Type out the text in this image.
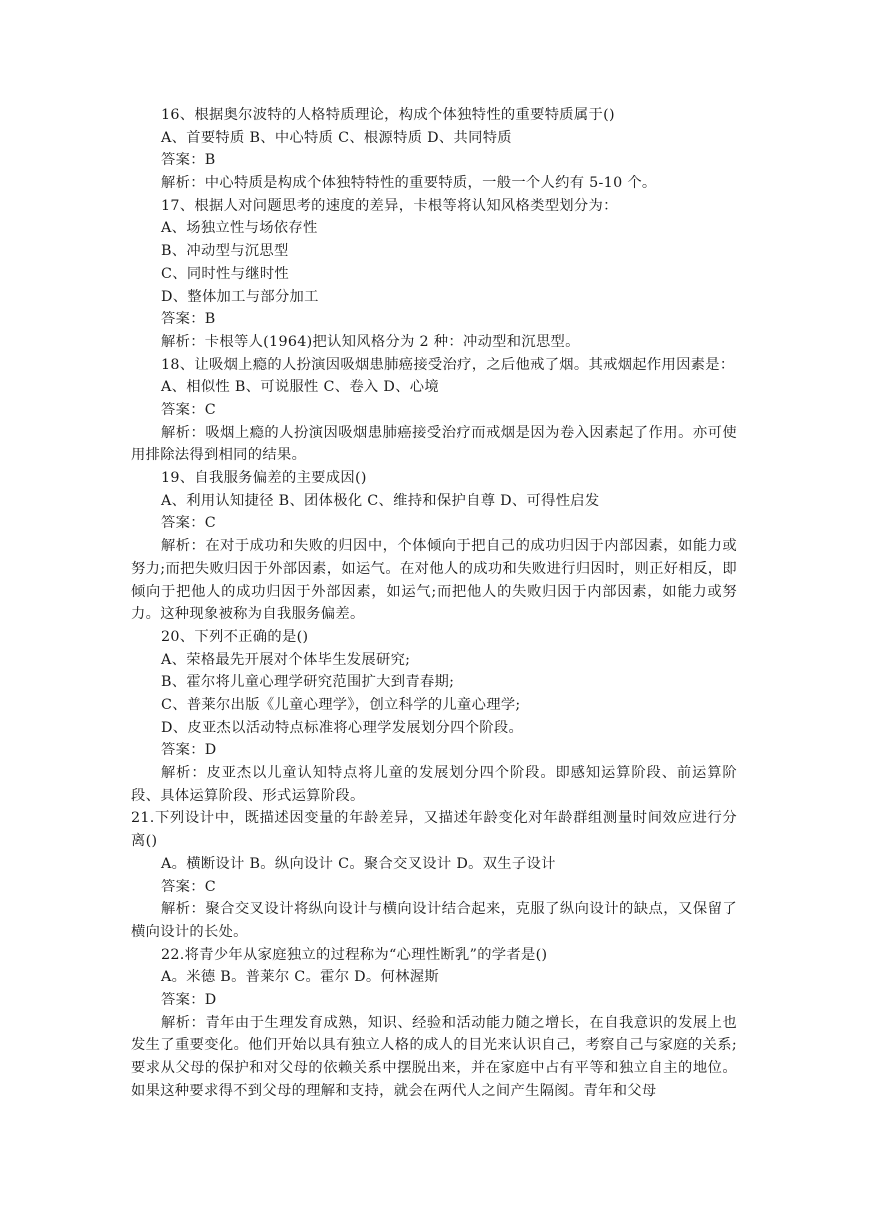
16、根据奥尔波特的人格特质理论，构成个体独特性的重要特质属于()
A、首要特质 B、中心特质 C、根源特质 D、共同特质
答案：B
解析：中心特质是构成个体独特特性的重要特质，一般一个人约有 5-10 个。
17、根据人对问题思考的速度的差异，卡根等将认知风格类型划分为：
A、场独立性与场依存性
B、冲动型与沉思型
C、同时性与继时性
D、整体加工与部分加工
答案：B
解析：卡根等人(1964)把认知风格分为 2 种：冲动型和沉思型。
18、让吸烟上瘾的人扮演因吸烟患肺癌接受治疗，之后他戒了烟。其戒烟起作用因素是：
A、相似性 B、可说服性 C、卷入 D、心境
答案：C
解析：吸烟上瘾的人扮演因吸烟患肺癌接受治疗而戒烟是因为卷入因素起了作用。亦可使用排除法得到相同的结果。
19、自我服务偏差的主要成因()
A、利用认知捷径 B、团体极化 C、维持和保护自尊 D、可得性启发
答案：C
解析：在对于成功和失败的归因中，个体倾向于把自己的成功归因于内部因素，如能力或努力;而把失败归因于外部因素，如运气。在对他人的成功和失败进行归因时，则正好相反，即倾向于把他人的成功归因于外部因素，如运气;而把他人的失败归因于内部因素，如能力或努力。这种现象被称为自我服务偏差。
20、下列不正确的是()
A、荣格最先开展对个体毕生发展研究;
B、霍尔将儿童心理学研究范围扩大到青春期;
C、普莱尔出版《儿童心理学》，创立科学的儿童心理学;
D、皮亚杰以活动特点标准将心理学发展划分四个阶段。
答案：D
解析：皮亚杰以儿童认知特点将儿童的发展划分四个阶段。即感知运算阶段、前运算阶段、具体运算阶段、形式运算阶段。
21.下列设计中，既描述因变量的年龄差异，又描述年龄变化对年龄群组测量时间效应进行分离()
A。横断设计 B。纵向设计 C。聚合交叉设计 D。双生子设计
答案：C
解析：聚合交叉设计将纵向设计与横向设计结合起来，克服了纵向设计的缺点，又保留了横向设计的长处。
22.将青少年从家庭独立的过程称为“心理性断乳”的学者是()
A。米德 B。普莱尔 C。霍尔 D。何林渥斯
答案：D
解析：青年由于生理发育成熟，知识、经验和活动能力随之增长，在自我意识的发展上也发生了重要变化。他们开始以具有独立人格的成人的目光来认识自己，考察自己与家庭的关系;要求从父母的保护和对父母的依赖关系中摆脱出来，并在家庭中占有平等和独立自主的地位。如果这种要求得不到父母的理解和支持，就会在两代人之间产生隔阂。青年和父母
